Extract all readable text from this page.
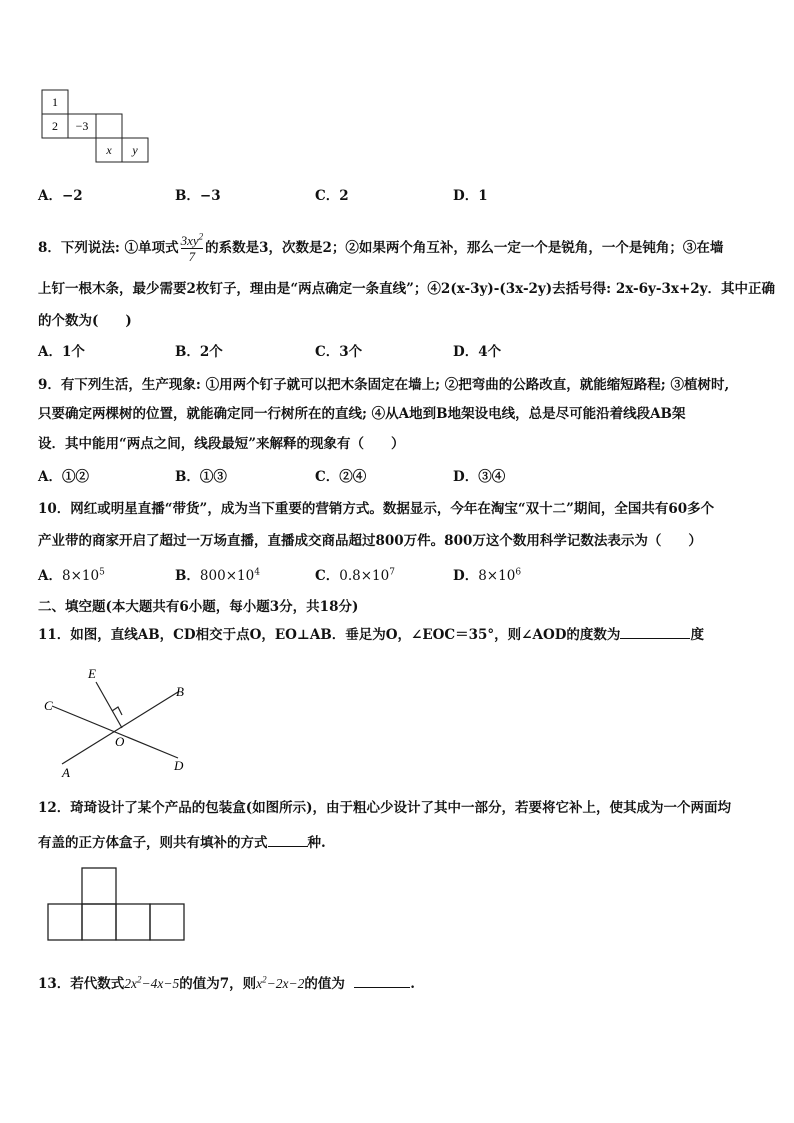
1
2 −3
x y
A．−2	B．−3	C．2	D．1
8．下列说法: ①单项式 $\frac{3xy^2}{7}$ 的系数是3，次数是2；②如果两个角互补，那么一定一个是锐角，一个是钝角；③在墙
上钉一根木条，最少需要2枚钉子，理由是“两点确定一条直线”；④2(x-3y)-(3x-2y)去括号得: 2x-6y-3x+2y．其中正确
的个数为(　　)
A．1个	B．2个	C．3个	D．4个
9．有下列生活，生产现象: ①用两个钉子就可以把木条固定在墙上; ②把弯曲的公路改直，就能缩短路程; ③植树时,
只要确定两棵树的位置，就能确定同一行树所在的直线; ④从A地到B地架设电线，总是尽可能沿着线段AB架
设．其中能用“两点之间，线段最短”来解释的现象有（　　）
A．①②	B．①③	C．②④	D．③④
10．网红或明星直播“带货”，成为当下重要的营销方式。数据显示，今年在淘宝“双十二”期间，全国共有60多个
产业带的商家开启了超过一万场直播，直播成交商品超过800万件。800万这个数用科学记数法表示为（　　）
A．$8\times 10^5$	B．$800\times 10^4$	C．$0.8\times 10^7$	D．$8\times 10^6$
二、填空题(本大题共有6小题，每小题3分，共18分)
11．如图，直线AB，CD相交于点O，EO⊥AB．垂足为O，∠EOC＝35°，则∠AOD的度数为	度
E
B
C
O
A	D
12．琦琦设计了某个产品的包装盒(如图所示)，由于粗心少设计了其中一部分，若要将它补上，使其成为一个两面均
有盖的正方体盒子，则共有填补的方式	种.
13．若代数式$2x^2-4x-5$的值为7，则$x^2-2x-2$的值为	.
